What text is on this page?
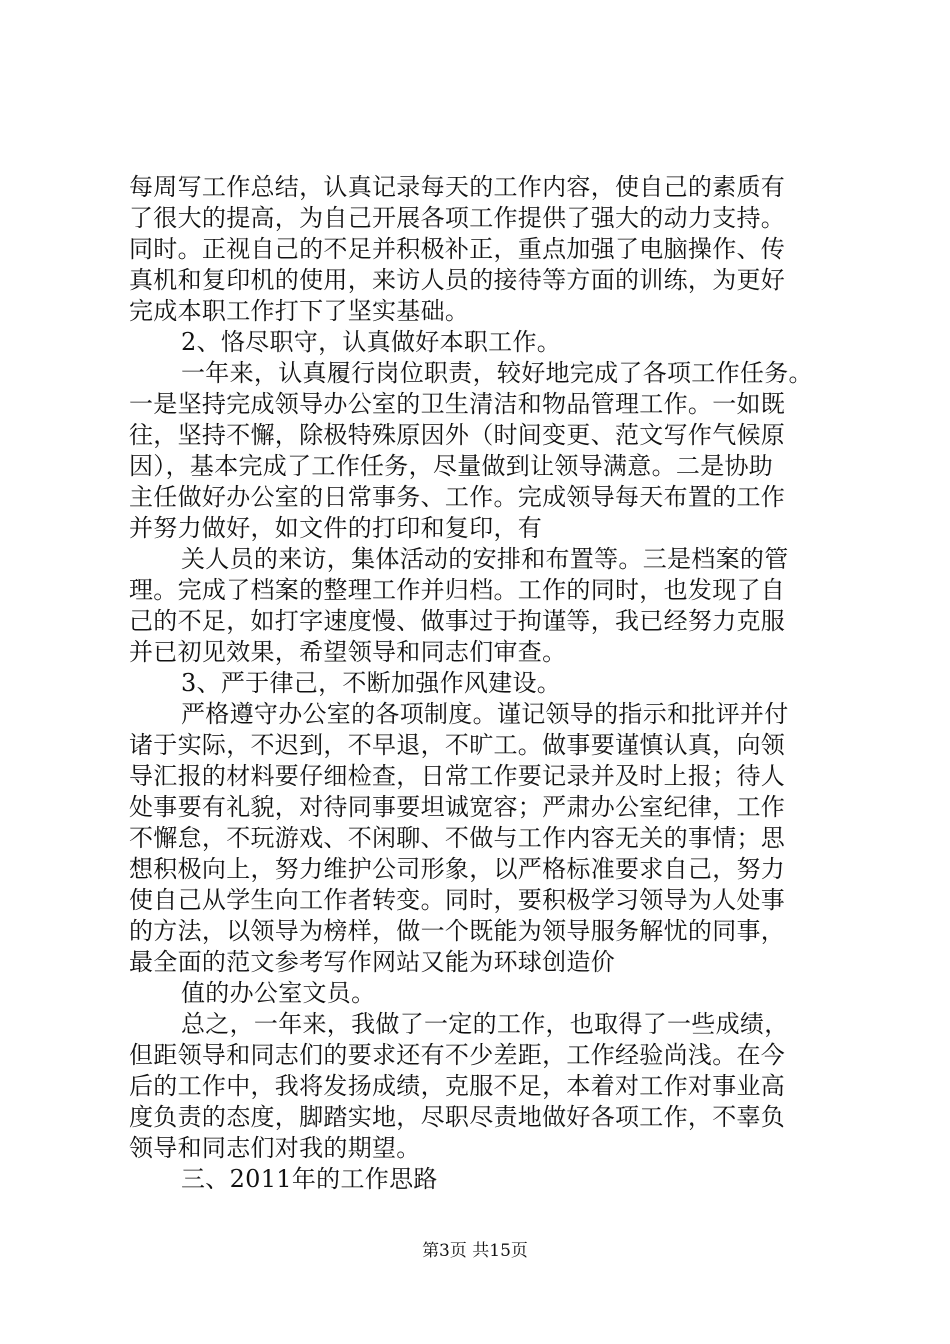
每周写工作总结，认真记录每天的工作内容，使自己的素质有
了很大的提高，为自己开展各项工作提供了强大的动力支持。
同时。正视自己的不足并积极补正，重点加强了电脑操作、传
真机和复印机的使用，来访人员的接待等方面的训练，为更好
完成本职工作打下了坚实基础。
2、恪尽职守，认真做好本职工作。
一年来，认真履行岗位职责，较好地完成了各项工作任务。
一是坚持完成领导办公室的卫生清洁和物品管理工作。一如既
往，坚持不懈，除极特殊原因外（时间变更、范文写作气候原
因），基本完成了工作任务，尽量做到让领导满意。二是协助
主任做好办公室的日常事务、工作。完成领导每天布置的工作
并努力做好，如文件的打印和复印，有
关人员的来访，集体活动的安排和布置等。三是档案的管
理。完成了档案的整理工作并归档。工作的同时，也发现了自
己的不足，如打字速度慢、做事过于拘谨等，我已经努力克服
并已初见效果，希望领导和同志们审查。
3、严于律己，不断加强作风建设。
严格遵守办公室的各项制度。谨记领导的指示和批评并付
诸于实际，不迟到，不早退，不旷工。做事要谨慎认真，向领
导汇报的材料要仔细检查，日常工作要记录并及时上报；待人
处事要有礼貌，对待同事要坦诚宽容；严肃办公室纪律，工作
不懈怠，不玩游戏、不闲聊、不做与工作内容无关的事情；思
想积极向上，努力维护公司形象，以严格标准要求自己，努力
使自己从学生向工作者转变。同时，要积极学习领导为人处事
的方法，以领导为榜样，做一个既能为领导服务解忧的同事，
最全面的范文参考写作网站又能为环球创造价
值的办公室文员。
总之，一年来，我做了一定的工作，也取得了一些成绩，
但距领导和同志们的要求还有不少差距，工作经验尚浅。在今
后的工作中，我将发扬成绩，克服不足，本着对工作对事业高
度负责的态度，脚踏实地，尽职尽责地做好各项工作，不辜负
领导和同志们对我的期望。
三、2011年的工作思路
第3页 共15页
